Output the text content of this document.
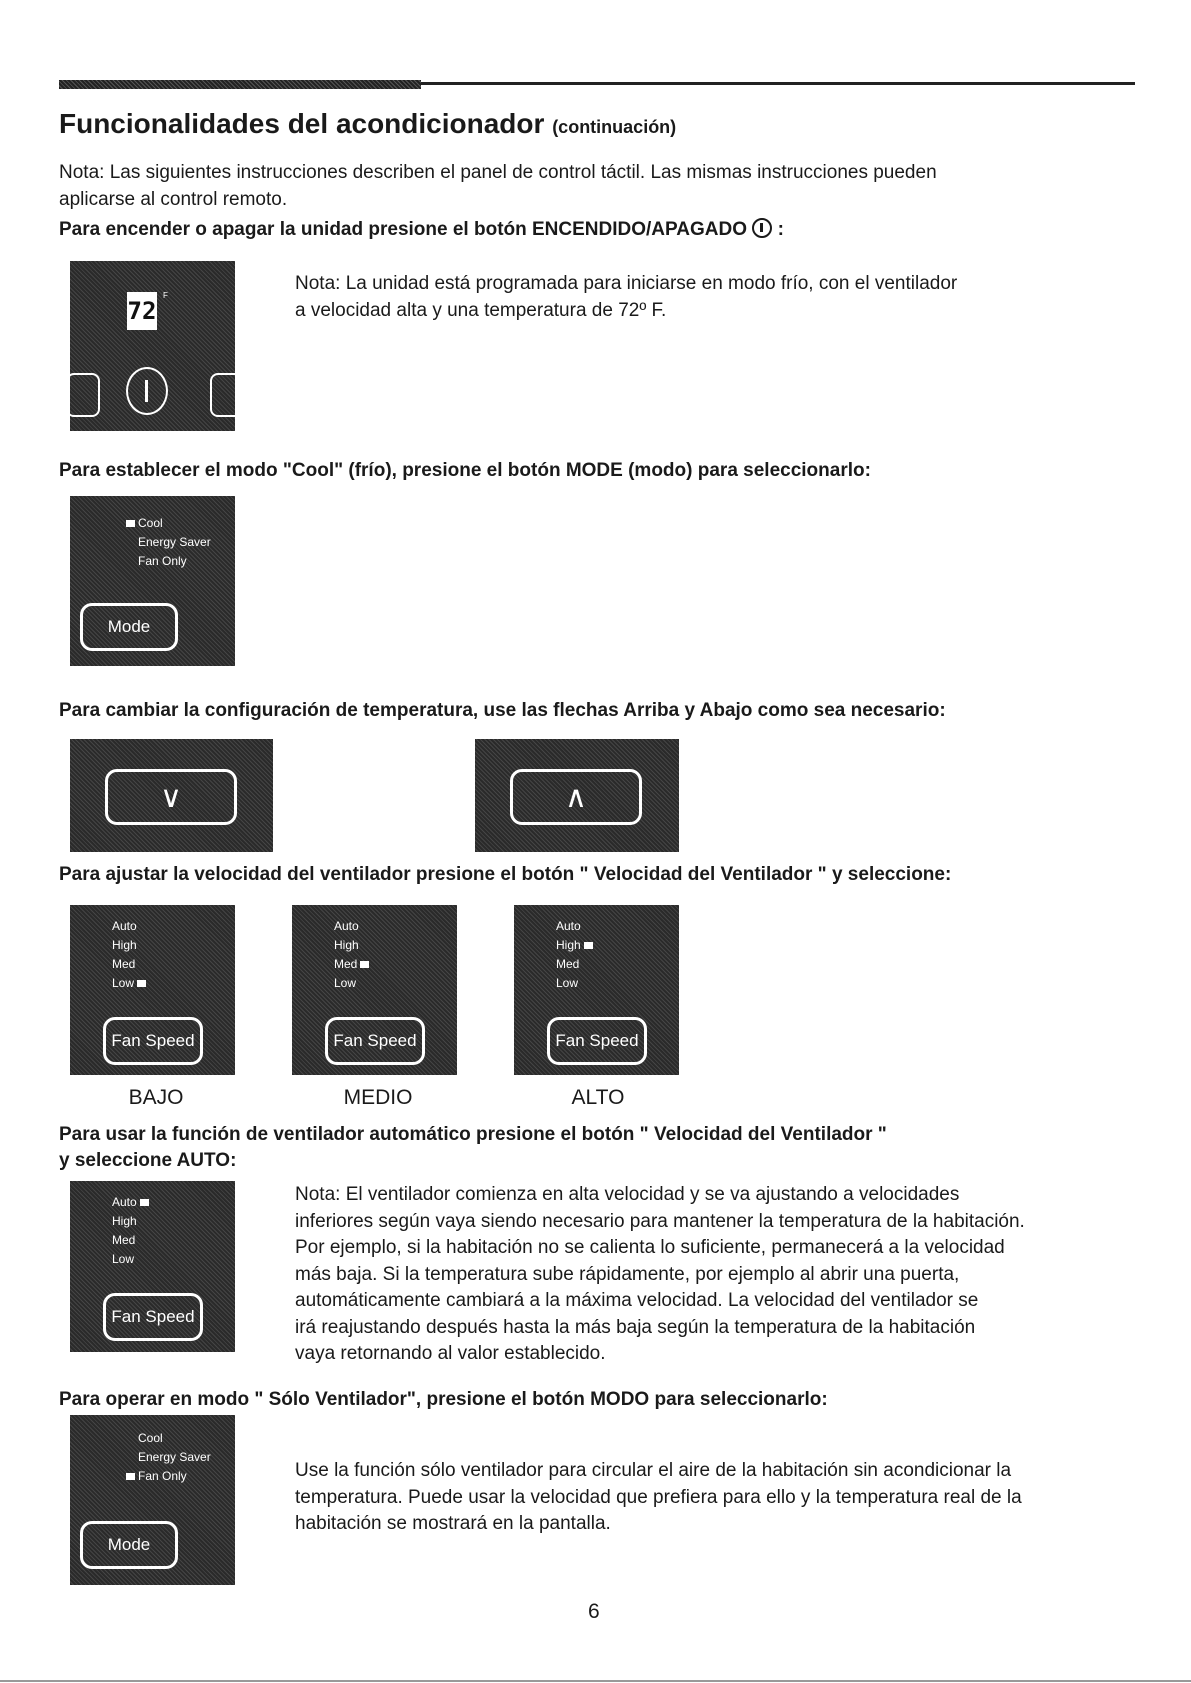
Funcionalidades del acondicionador (continuación)
Nota: Las siguientes instrucciones describen el panel de control táctil. Las mismas instrucciones pueden
aplicarse al control remoto.
Para encender o apagar la unidad presione el botón ENCENDIDO/APAGADO :
72
F
Nota: La unidad está programada para iniciarse en modo frío, con el ventilador
a velocidad alta y una temperatura de 72º F.
Para establecer el modo "Cool" (frío), presione el botón MODE (modo) para seleccionarlo:
Cool
Energy Saver
Fan Only
Mode
Para cambiar la configuración de temperatura, use las flechas Arriba y Abajo como sea necesario:
∨	∧
Para ajustar la velocidad del ventilador presione el botón " Velocidad del Ventilador " y seleccione:
Auto
High
Med
Low
Fan Speed
Auto
High
Med
Low
Fan Speed
Auto
High
Med
Low
Fan Speed
BAJO	MEDIO	ALTO
Para usar la función de ventilador automático presione el botón " Velocidad del Ventilador "
y seleccione AUTO:
Auto
High
Med
Low
Fan Speed
Nota: El ventilador comienza en alta velocidad y se va ajustando a velocidades
inferiores según vaya siendo necesario para mantener la temperatura de la habitación.
Por ejemplo, si la habitación no se calienta lo suficiente, permanecerá a la velocidad
más baja. Si la temperatura sube rápidamente, por ejemplo al abrir una puerta,
automáticamente cambiará a la máxima velocidad. La velocidad del ventilador se
irá reajustando después hasta la más baja según la temperatura de la habitación
vaya retornando al valor establecido.
Para operar en modo " Sólo Ventilador", presione el botón MODO para seleccionarlo:
Cool
Energy Saver
Fan Only
Mode
Use la función sólo ventilador para circular el aire de la habitación sin acondicionar la
temperatura. Puede usar la velocidad que prefiera para ello y la temperatura real de la
habitación se mostrará en la pantalla.
6
